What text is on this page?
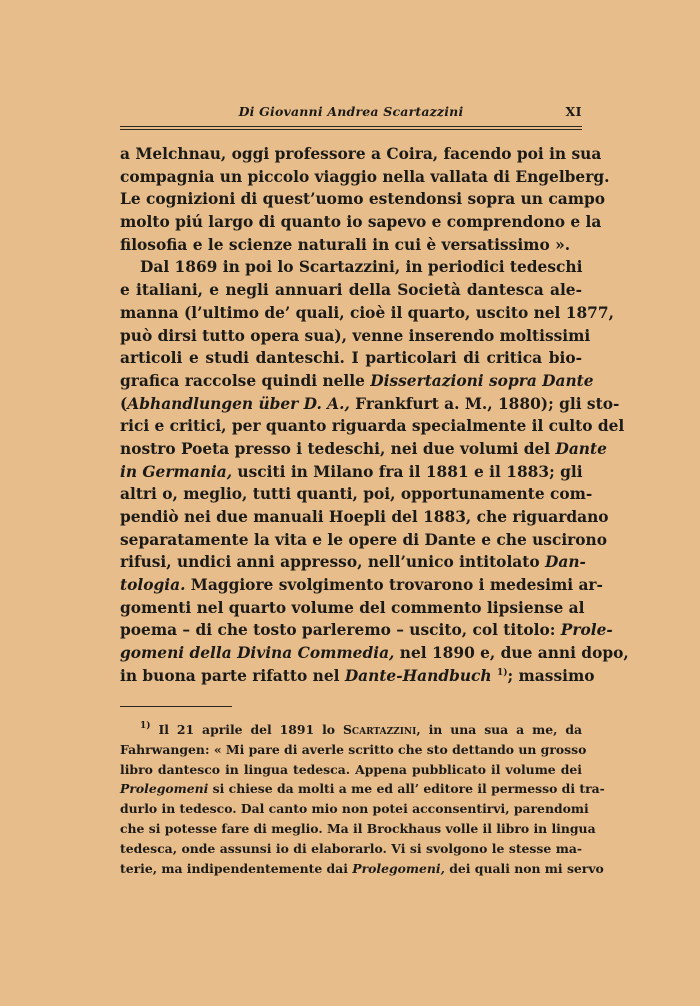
Di Giovanni Andrea Scartazzini	XI
a Melchnau, oggi professore a Coira, facendo poi in sua
compagnia un piccolo viaggio nella vallata di Engelberg.
Le cognizioni di quest’uomo estendonsi sopra un campo
molto piú largo di quanto io sapevo e comprendono e la
filosofia e le scienze naturali in cui è versatissimo ».
Dal 1869 in poi lo Scartazzini, in periodici tedeschi
e italiani, e negli annuari della Società dantesca ale-
manna (l’ultimo de’ quali, cioè il quarto, uscito nel 1877,
può dirsi tutto opera sua), venne inserendo moltissimi
articoli e studi danteschi. I particolari di critica bio-
grafica raccolse quindi nelle Dissertazioni sopra Dante
(Abhandlungen über D. A., Frankfurt a. M., 1880); gli sto-
rici e critici, per quanto riguarda specialmente il culto del
nostro Poeta presso i tedeschi, nei due volumi del Dante
in Germania, usciti in Milano fra il 1881 e il 1883; gli
altri o, meglio, tutti quanti, poi, opportunamente com-
pendiò nei due manuali Hoepli del 1883, che riguardano
separatamente la vita e le opere di Dante e che uscirono
rifusi, undici anni appresso, nell’unico intitolato Dan-
tologia. Maggiore svolgimento trovarono i medesimi ar-
gomenti nel quarto volume del commento lipsiense al
poema – di che tosto parleremo – uscito, col titolo: Prole-
gomeni della Divina Commedia, nel 1890 e, due anni dopo,
in buona parte rifatto nel Dante-Handbuch $^{1)}$; massimo
$^{1)}$ Il 21 aprile del 1891 lo Scartazzini, in una sua a me, da
Fahrwangen: « Mi pare di averle scritto che sto dettando un grosso
libro dantesco in lingua tedesca. Appena pubblicato il volume dei
Prolegomeni si chiese da molti a me ed all’ editore il permesso di tra-
durlo in tedesco. Dal canto mio non potei acconsentirvi, parendomi
che si potesse fare di meglio. Ma il Brockhaus volle il libro in lingua
tedesca, onde assunsi io di elaborarlo. Vi si svolgono le stesse ma-
terie, ma indipendentemente dai Prolegomeni, dei quali non mi servo
